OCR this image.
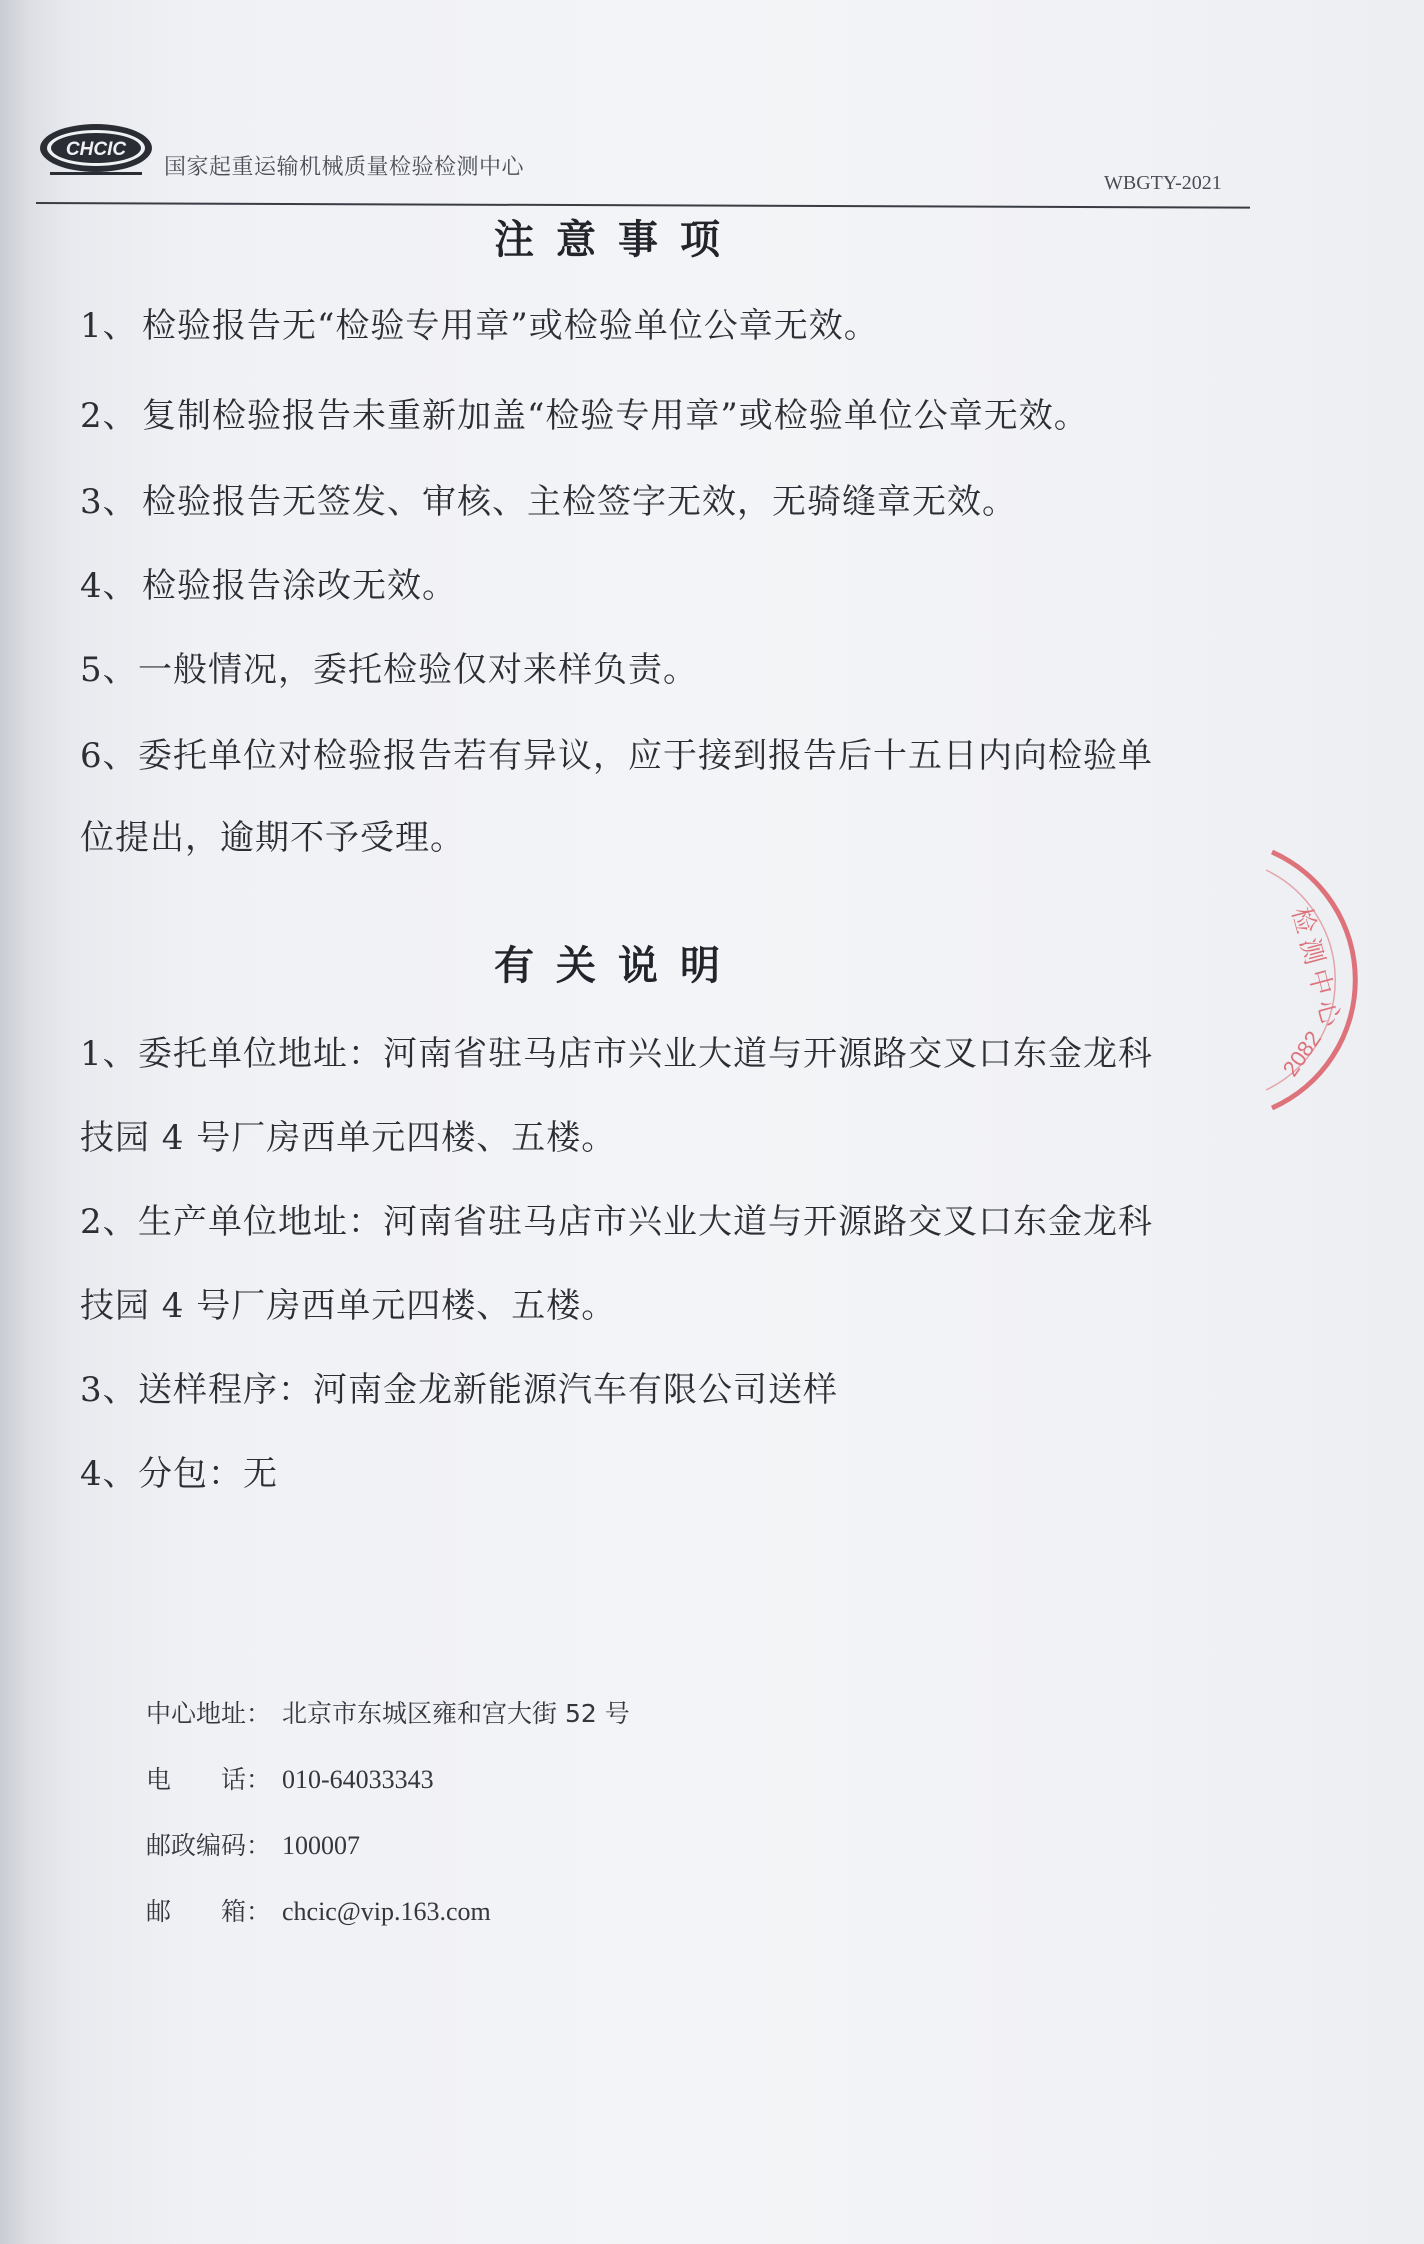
CHCIC
国家起重运输机械质量检验检测中心
WBGTY-2021
注意事项
1、 检验报告无“检验专用章”或检验单位公章无效。
2、 复制检验报告未重新加盖“检验专用章”或检验单位公章无效。
3、 检验报告无签发、审核、主检签字无效，无骑缝章无效。
4、 检验报告涂改无效。
5、一般情况，委托检验仅对来样负责。
6、委托单位对检验报告若有异议，应于接到报告后十五日内向检验单
位提出，逾期不予受理。
有关说明
1、委托单位地址：河南省驻马店市兴业大道与开源路交叉口东金龙科
技园 4 号厂房西单元四楼、五楼。
2、生产单位地址：河南省驻马店市兴业大道与开源路交叉口东金龙科
技园 4 号厂房西单元四楼、五楼。
3、送样程序：河南金龙新能源汽车有限公司送样
4、分包：无
中心地址： 北京市东城区雍和宫大街 52 号
电　　话： 010-64033343
邮政编码： 100007
邮　　箱： chcic@vip.163.com
检测中心
2082
